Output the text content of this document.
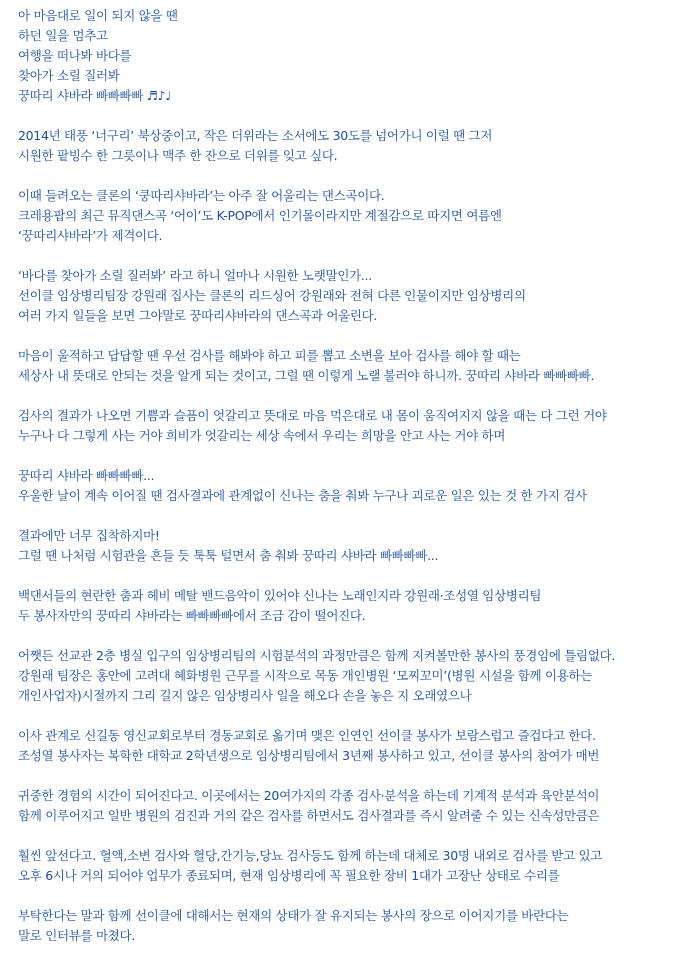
아 마음대로 일이 되지 않을 땐
하던 일을 멈추고
여행을 떠나봐 바다를
찾아가 소릴 질러봐
꿍따리 샤바라 빠빠빠빠 ♬♪♩
2014년 태풍 ‘너구리’ 북상중이고, 작은 더위라는 소서에도 30도를 넘어가니 이럴 땐 그저
시원한 팥빙수 한 그릇이나 맥주 한 잔으로 더위를 잊고 싶다.
이때 들려오는 클론의 ‘쿵따리샤바라’는 아주 잘 어울리는 댄스곡이다.
크레용팝의 최근 뮤직댄스곡 ‘어이’도 K-POP에서 인기몰이라지만 계절감으로 따지면 여름엔
‘꿍따리샤바라’가 제격이다.
‘바다를 찾아가 소릴 질러봐’ 라고 하니 얼마나 시원한 노랫말인가...
선이클 임상병리팀장 강원래 집사는 클론의 리드싱어 강원래와 전혀 다른 인물이지만 임상병리의
여러 가지 일들을 보면 그야말로 꿍따리샤바라의 댄스곡과 어울린다.
마음이 울적하고 답답할 땐 우선 검사를 해봐야 하고 피를 뽑고 소변을 보아 검사를 해야 할 때는
세상사 내 뜻대로 안되는 것을 알게 되는 것이고, 그럴 땐 이렇게 노랠 불러야 하니까. 꿍따리 샤바라 빠빠빠빠.
검사의 결과가 나오면 기쁨과 슬픔이 엇갈리고 뜻대로 마음 먹은대로 내 몸이 움직여지지 않을 때는 다 그런 거야
누구나 다 그렇게 사는 거야 희비가 엇갈리는 세상 속에서 우리는 희망을 안고 사는 거야 하며
꿍따리 샤바라 빠빠빠빠...
우울한 날이 계속 이어질 땐 검사결과에 관계없이 신나는 춤을 춰봐 누구나 괴로운 일은 있는 것 한 가지 검사
결과에만 너무 집착하지마!
그럴 땐 나처럼 시험관을 흔들 듯 툭툭 털면서 춤 춰봐 꿍따리 샤바라 빠빠빠빠...
백댄서들의 현란한 춤과 헤비 메탈 밴드음악이 있어야 신나는 노래인지라 강원래·조성열 임상병리팀
두 봉사자만의 꿍따리 샤바라는 빠빠빠빠에서 조금 감이 떨어진다.
어쨋든 선교관 2층 병실 입구의 임상병리팀의 시험분석의 과정만큼은 함께 지켜볼만한 봉사의 풍경임에 틀림없다.
강원래 팀장은 홍안에 고려대 혜화병원 근무를 시작으로 목동 개인병원 ‘모찌꼬미’(병원 시설을 함께 이용하는
개인사업자)시절까지 그리 길지 않은 임상병리사 일을 해오다 손을 놓은 지 오래였으나
이사 관계로 신길동 영신교회로부터 경동교회로 옮기며 맺은 인연인 선이클 봉사가 보람스럽고 즐겁다고 한다.
조성열 봉사자는 복학한 대학교 2학년생으로 임상병리팀에서 3년째 봉사하고 있고, 선이클 봉사의 참여가 매번
귀중한 경험의 시간이 되어진다고. 이곳에서는 20여가지의 각종 검사·분석을 하는데 기계적 분석과 육안분석이
함께 이루어지고 일반 병원의 검진과 거의 같은 검사를 하면서도 검사결과를 즉시 알려줄 수 있는 신속성만큼은
훨씬 앞선다고. 혈액,소변 검사와 혈당,간기능,당뇨 검사등도 함께 하는데 대체로 30명 내외로 검사를 받고 있고
오후 6시나 거의 되어야 업무가 종료되며, 현재 임상병리에 꼭 필요한 장비 1대가 고장난 상태로 수리를
부탁한다는 말과 함께 선이클에 대해서는 현재의 상태가 잘 유지되는 봉사의 장으로 이어지기를 바란다는
말로 인터뷰를 마쳤다.
